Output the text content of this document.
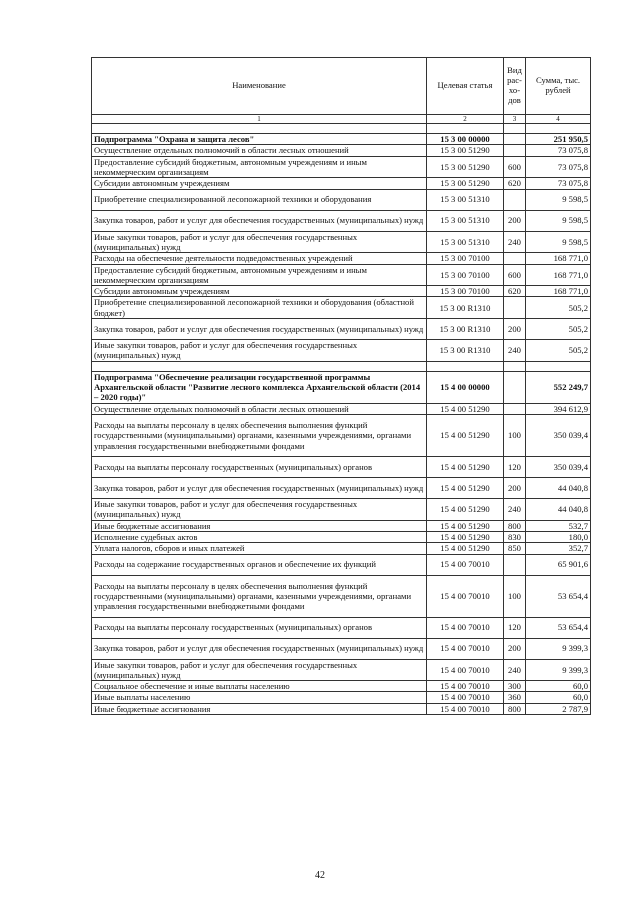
Наименование	Целевая статья	Вид рас-хо-дов	Сумма, тыс. рублей
1	2	3	4

Подпрограмма "Охрана и защита лесов"	15 3 00 00000		251 950,5
Осуществление отдельных полномочий в области лесных отношений	15 3 00 51290		73 075,8
Предоставление субсидий бюджетным, автономным учреждениям и иным некоммерческим организациям	15 3 00 51290	600	73 075,8
Субсидии автономным учреждениям	15 3 00 51290	620	73 075,8
Приобретение специализированной лесопожарной техники и оборудования	15 3 00 51310		9 598,5
Закупка товаров, работ и услуг для обеспечения государственных (муниципальных) нужд	15 3 00 51310	200	9 598,5
Иные закупки товаров, работ и услуг для обеспечения государственных (муниципальных) нужд	15 3 00 51310	240	9 598,5
Расходы на обеспечение деятельности подведомственных учреждений	15 3 00 70100		168 771,0
Предоставление субсидий бюджетным, автономным учреждениям и иным некоммерческим организациям	15 3 00 70100	600	168 771,0
Субсидии автономным учреждениям	15 3 00 70100	620	168 771,0
Приобретение специализированной лесопожарной техники и оборудования (областной бюджет)	15 3 00 R1310		505,2
Закупка товаров, работ и услуг для обеспечения государственных (муниципальных) нужд	15 3 00 R1310	200	505,2
Иные закупки товаров, работ и услуг для обеспечения государственных (муниципальных) нужд	15 3 00 R1310	240	505,2

Подпрограмма "Обеспечение реализации государственной программы Архангельской области "Развитие лесного комплекса Архангельской области (2014 – 2020 годы)"	15 4 00 00000		552 249,7
Осуществление отдельных полномочий в области лесных отношений	15 4 00 51290		394 612,9
Расходы на выплаты персоналу в целях обеспечения выполнения функций государственными (муниципальными) органами, казенными учреждениями, органами управления государственными внебюджетными фондами	15 4 00 51290	100	350 039,4
Расходы на выплаты персоналу государственных (муниципальных) органов	15 4 00 51290	120	350 039,4
Закупка товаров, работ и услуг для обеспечения государственных (муниципальных) нужд	15 4 00 51290	200	44 040,8
Иные закупки товаров, работ и услуг для обеспечения государственных (муниципальных) нужд	15 4 00 51290	240	44 040,8
Иные бюджетные ассигнования	15 4 00 51290	800	532,7
Исполнение судебных актов	15 4 00 51290	830	180,0
Уплата налогов, сборов и иных платежей	15 4 00 51290	850	352,7
Расходы на содержание государственных органов и обеспечение их функций	15 4 00 70010		65 901,6
Расходы на выплаты персоналу в целях обеспечения выполнения функций государственными (муниципальными) органами, казенными учреждениями, органами управления государственными внебюджетными фондами	15 4 00 70010	100	53 654,4
Расходы на выплаты персоналу государственных (муниципальных) органов	15 4 00 70010	120	53 654,4
Закупка товаров, работ и услуг для обеспечения государственных (муниципальных) нужд	15 4 00 70010	200	9 399,3
Иные закупки товаров, работ и услуг для обеспечения государственных (муниципальных) нужд	15 4 00 70010	240	9 399,3
Социальное обеспечение и иные выплаты населению	15 4 00 70010	300	60,0
Иные выплаты населению	15 4 00 70010	360	60,0
Иные бюджетные ассигнования	15 4 00 70010	800	2 787,9
42
